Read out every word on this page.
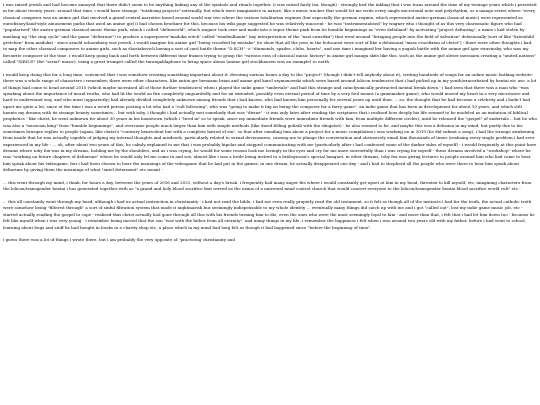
i was raised jewish and had become annoyed that there didn't seem to be anything linking any of the symbols and rituals together. (i was raised fairly lax, though) - strongly had the inkling that i was trans around the time of my teenage years which i persisted in for about twenty years. around that time, i would have strange, "totalising projects" internally, but which were imaginative in nature, like a music tracker that would let me write every single microtonal note and polyrhythm, or a manga series where "every classical composer was an anime girl that involved a grand central narrative based around world war two where the various totalitarian regimes (but especially the german regime, which represented austro-german classical music) were represented as eurodisney/land-style amusement parks that used an anime girl (i had chosen bruckner for this, because his wiki page suggested he was relatively innocent - he was "instrumentalised" by wagner who i thought of as this very charismatic figure who had "popularised" the austro-german classical music theme park, which i called "deltaworld", which wagner took over and made into a super theme park from its humble beginnings as "even deltaland" by activating "project deltaring", a name i had stolen by mashing up "the ring cycle" and the game "deltarune") to produce a superpower"madoka witch" called "windenlbaum" (my interpretation of the "nazi swastika") that went around "bringing people into the field of salvation" delusionally (sort of like "kriemhild gretchen" from madoka) - since arnold schoenberg was jewish, i would imagine his anime girl "being crucified by mistake" (to show that all the jews in the holocaust were sort of like a delusional "mass crucifixion of christ") - there were other thoughts i had, to map the other classical composers to anime girls, such as shostakovich having a sort of card battle theme "D.SCH" -> "diamonds, spades, clubs, hearts", and one time i imagined her having a yugioh battle with the anime girl igor stravinsky, who was my favourite composer at the time. i would keep going back and forth between different time frames trying to grasp the "various eras of classical music history" in anime girl manga skits like this, such as the anime girl olivier messiaen creating a "united nations" called "SIRIUS" (for "serial" music), using a great trumpet called the turangalilaphone to bring space aliens (anime girl stockhausen was an example) to earth.

i would keep doing this for a long time, convinced that i was somehow creating something important about it, devoting various hours a day to the "project" (though i didn't tell anybody about it), writing hundreds of songs for an online music bathing website: there was a whole range of characters i remember, there were other characters, like anton grr hermann brian and anime girl karol szymanowski which were based around lolicon tendencies that i had picked up in my youth/exacerbated by hentai etc use. a lot of things had come to head around 2015 (which maybe increased all of those further tendencies) when i played the indie game "undertale" and had this strange and cataclysmically protracted mental break down - i had seen that there was a man who "was speaking about the importance of moral truths, who had lit the world on fire completely unguardedly and for an extended, possibly even eternal period of time by a very foul means (a gamemaker game), who would moved my heart in a very microwave and hard to understand way, and who must (apparently) had already divided completely unknown among friends that i had known, who had known him personally for several years up until then. ... so, the thought that he had become a celebrity and i hadn't had upset me quite a lot, since at the time i was a weird person posting a lot who had a "cult following", who was "going to make it big on being the composer for a furry game", an indie game that has been in development for about 10 years, and which still haunts my dreams with its strange beauty sometimes... but with toby, i thought i had actually met somebody that was "divine" - it was only later after reading the scriptures that i realised how deeply his life seemed to be modeled as an imitation of biblical prophetics - like christ, he went unknown for about 30 years in his hometown (which i "lived in" so to speak, since my immediate friends were immediate friends with him, from multiple different circles), until he released the "gospel" of undertale... but he who was also a "musician king" from "humble beginnings", and overcame people much larger than him with simple methods (like david felling goliath with the slingshot) - he also seemed to be, and maybe this was a delusion in my mind, but partly due to his sometimes brusque replies to people (again, like christ's "contrary benevolent but with a complete hatred of sin", so that after emailing him about a project for a music compilation i was working on in 2019 (he did submit a song), i had the strange awakening from inside that he was actually capable of judging my internal thoughts and misdeeds, particularly related to sexual deviousness, causing me to plunge the conversation and obsessively email him thousands of times (realising every single problem i had ever experienced in my life - ... oh, after about two years of this, he calmly explained to me that i was probably bipolar and stopped communicating with me (particularly after i had confessed some of the darker sides of myself) - i would frequently at this point have dreams where toby fox was in my dreams, holding me by the shoulders, and as i was crying, he would for some reason look me lovingly in the eyes and cry for me more sorrowfully than i was crying for myself - these dreams involved a "workshop" where he was "working on future chapters of deltarune" where he would only let me come in and see, almost like i was a bride being invited to a bridegroom's special banquet. in other dreams, toby fox was giving lectures to people around him who had come to hear him speak about his videogame, but i had been chosen to hear the meanings of the videogame that he had put in the games. in one dream, he actually disappeared one day - and i had to shepherd all the people who were there to hear him speak about deltarune by giving them the meanings of what "antel determent" etc meant -

... this went through my mind, i think, for hours a day, between the years of 2016 and 2021, without a day's break. i frequently had many anger fits where i would constantly get upset at him in my head, threaten to kill myself, etc, imagining characters from the lolicon/transgender hentai i has generated together with as "a grand and holy blood sacrifice that served as the nexus of a universal mind control church that would convert everyone to the lolicon/transgender hentai blood sacrifice world cult" etc -

... this all constantly went through my head, although i had no actual instruction in christianity - i had not read the bible, i had not even really properly read the old testament. so it felt as though all of the instincts i had for the truth, the actual catholic truth were somehow being "filtered through" a sort of sinful filtration system that made it nightmarish but seemingly indispensable to my whole identity ... eventually many things did catch up with me and i got "called out", lost my indie game music job, etc - started actually reading the gospel to cope - realised that christ actually had gone through all this with his friends turning him to die, even the ones who were the most seemingly loyal to him - and more than that, i felt that i had let him down too - because he felt like myself when i was very young - i remember being moved that the son "was with the father from all eternity", and many things in my life, i remember the happiness i felt when i was around two years old with my father, before i had went to school, learning about bugs and stuff he had bought in books in a charity shop etc. a place which in my mind had long felt as though it had happened since "before the beginning of time".

i guess there was a lot of things i wrote there. but i am probably the very opposite of "practicing christianity and
